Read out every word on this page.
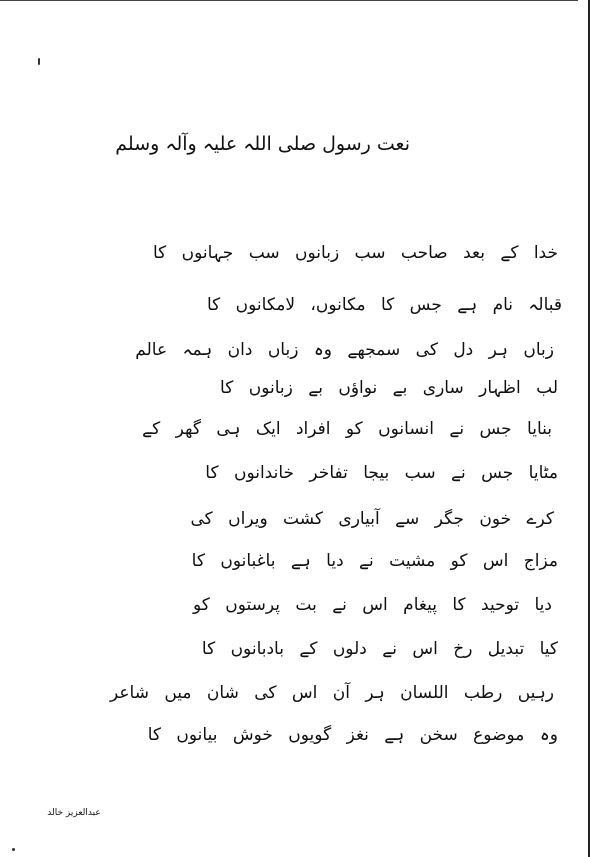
نعت رسول صلی اللہ علیہ وآلہ وسلم
خدا کے بعد صاحب سب زبانوں سب جہانوں کا
قبالہ نام ہے جس کا مکانوں، لامکانوں کا
زباں ہر دل کی سمجھے وہ زباں دان ہمہ عالم
لب اظہار ساری بے نواؤں بے زبانوں کا
بنایا جس نے انسانوں کو افراد ایک ہی گھر کے
مٹایا جس نے سب بیجا تفاخر خاندانوں کا
کرے خون جگر سے آبیاری کشت ویراں کی
مزاج اس کو مشیت نے دیا ہے باغبانوں کا
دیا توحید کا پیغام اس نے بت پرستوں کو
کیا تبدیل رخ اس نے دلوں کے بادبانوں کا
رہیں رطب اللسان ہر آن اس کی شان میں شاعر
وہ موضوع سخن ہے نغز گویوں خوش بیانوں کا
عبدالعزیز خالد
